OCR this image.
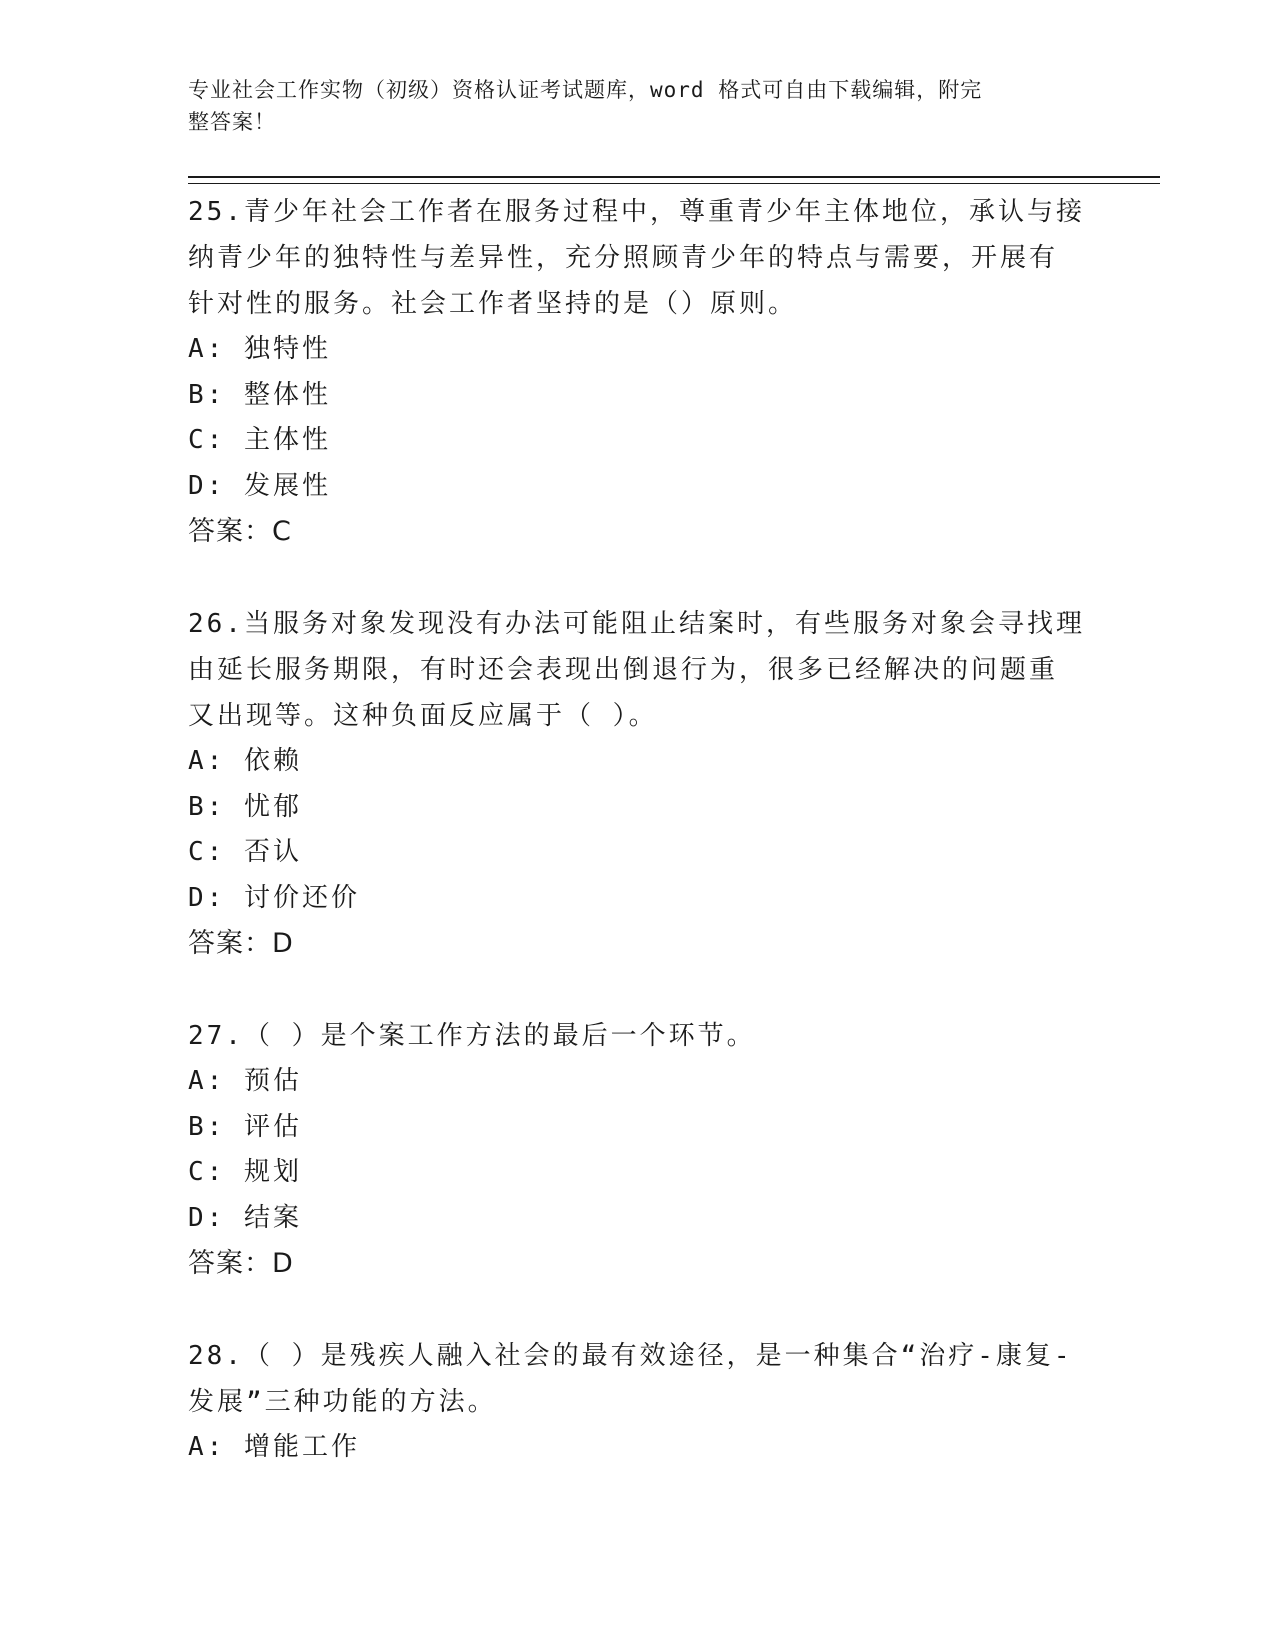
专业社会工作实物（初级）资格认证考试题库，word 格式可自由下载编辑，附完
整答案！

25.青少年社会工作者在服务过程中，尊重青少年主体地位，承认与接

纳青少年的独特性与差异性，充分照顾青少年的特点与需要，开展有

针对性的服务。社会工作者坚持的是（）原则。

A: 独特性

B: 整体性

C: 主体性

D: 发展性

答案：C

26.当服务对象发现没有办法可能阻止结案时，有些服务对象会寻找理

由延长服务期限，有时还会表现出倒退行为，很多已经解决的问题重

又出现等。这种负面反应属于（ ）。

A: 依赖

B: 忧郁

C: 否认

D: 讨价还价

答案：D

27.（ ）是个案工作方法的最后一个环节。

A: 预估

B: 评估

C: 规划

D: 结案

答案：D

28.（ ）是残疾人融入社会的最有效途径，是一种集合“治疗-康复-

发展”三种功能的方法。

A: 增能工作
